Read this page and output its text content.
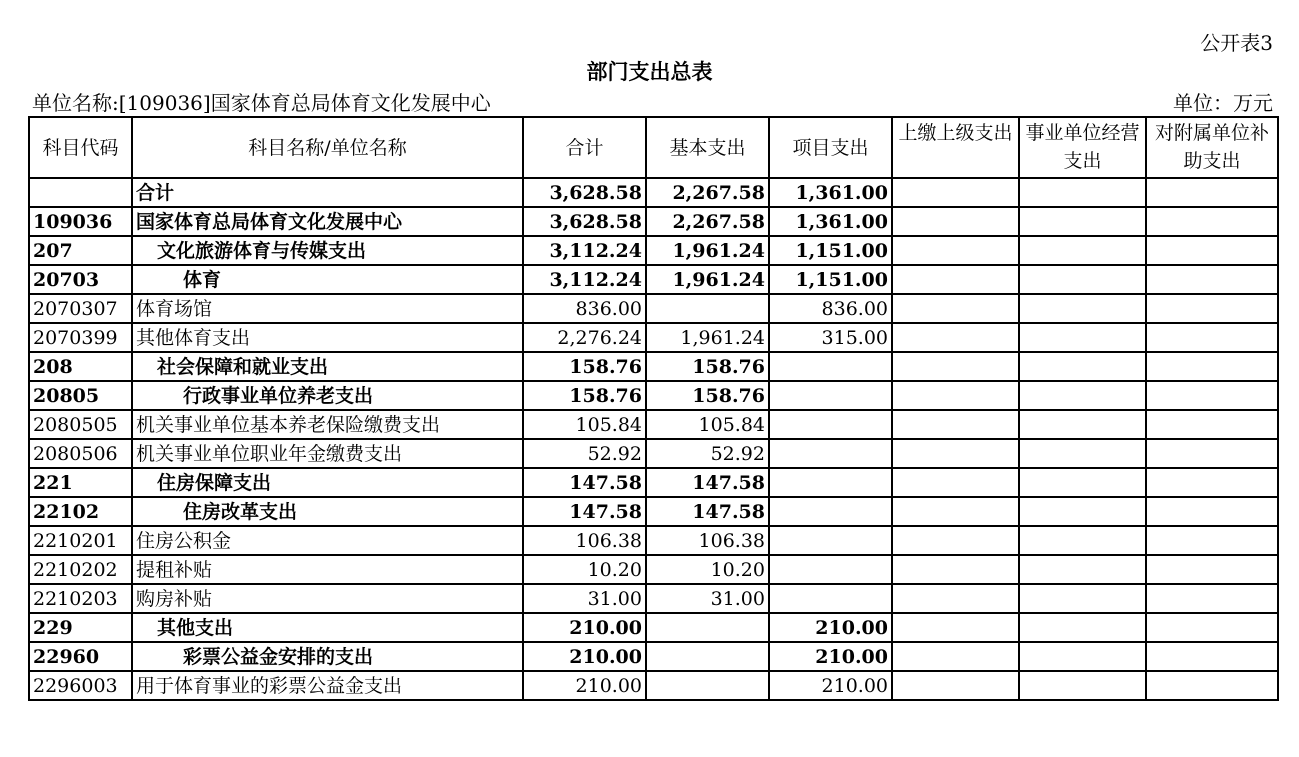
公开表3
部门支出总表
单位名称:[109036]国家体育总局体育文化发展中心	单位：万元
科目代码	科目名称/单位名称	合计	基本支出	项目支出	上缴上级支出	事业单位经营支出	对附属单位补助支出
	合计	3,628.58	2,267.58	1,361.00			
109036	国家体育总局体育文化发展中心	3,628.58	2,267.58	1,361.00			
207	文化旅游体育与传媒支出	3,112.24	1,961.24	1,151.00			
20703	体育	3,112.24	1,961.24	1,151.00			
2070307	体育场馆	836.00		836.00			
2070399	其他体育支出	2,276.24	1,961.24	315.00			
208	社会保障和就业支出	158.76	158.76				
20805	行政事业单位养老支出	158.76	158.76				
2080505	机关事业单位基本养老保险缴费支出	105.84	105.84				
2080506	机关事业单位职业年金缴费支出	52.92	52.92				
221	住房保障支出	147.58	147.58				
22102	住房改革支出	147.58	147.58				
2210201	住房公积金	106.38	106.38				
2210202	提租补贴	10.20	10.20				
2210203	购房补贴	31.00	31.00				
229	其他支出	210.00		210.00			
22960	彩票公益金安排的支出	210.00		210.00			
2296003	用于体育事业的彩票公益金支出	210.00		210.00			
